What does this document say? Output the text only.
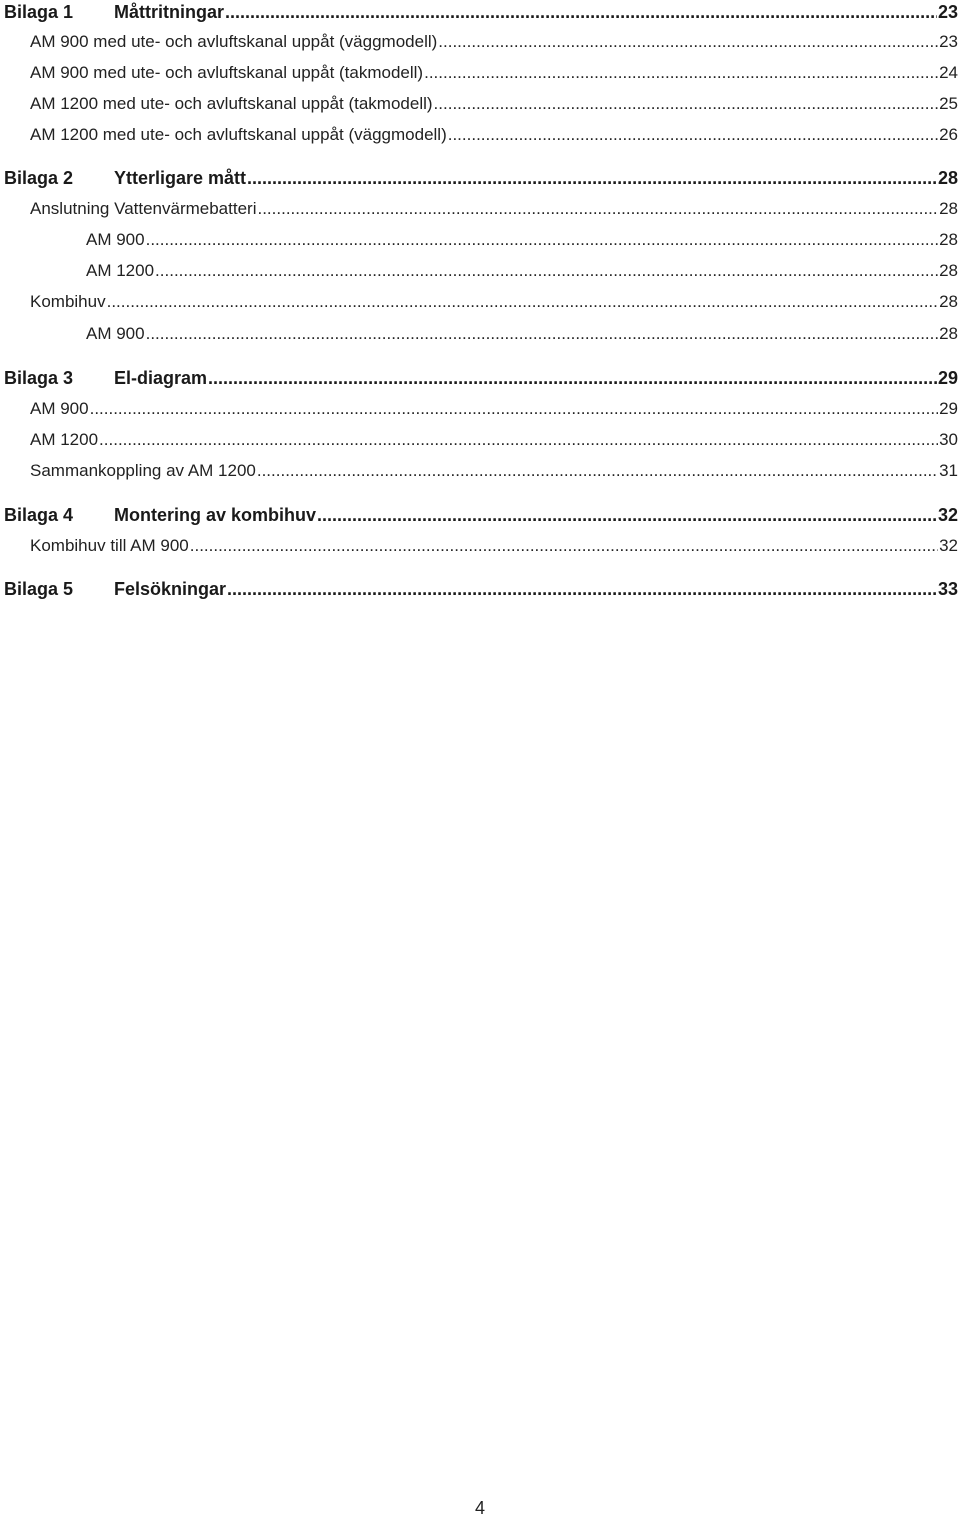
Bilaga 1	Måttritningar .....	23
AM 900 med ute- och avluftskanal uppåt (väggmodell) .....	23
AM 900 med ute- och avluftskanal uppåt (takmodell) .....	24
AM 1200 med ute- och avluftskanal uppåt (takmodell) .....	25
AM 1200 med ute- och avluftskanal uppåt (väggmodell) .....	26
Bilaga 2	Ytterligare mått .....	28
Anslutning Vattenvärmebatteri .....	28
AM 900 .....	28
AM 1200 .....	28
Kombihuv .....	28
AM 900 .....	28
Bilaga 3	El-diagram .....	29
AM 900 .....	29
AM 1200 .....	30
Sammankoppling av AM 1200 .....	31
Bilaga 4	Montering av kombihuv .....	32
Kombihuv till AM 900 .....	32
Bilaga 5	Felsökningar .....	33
4
